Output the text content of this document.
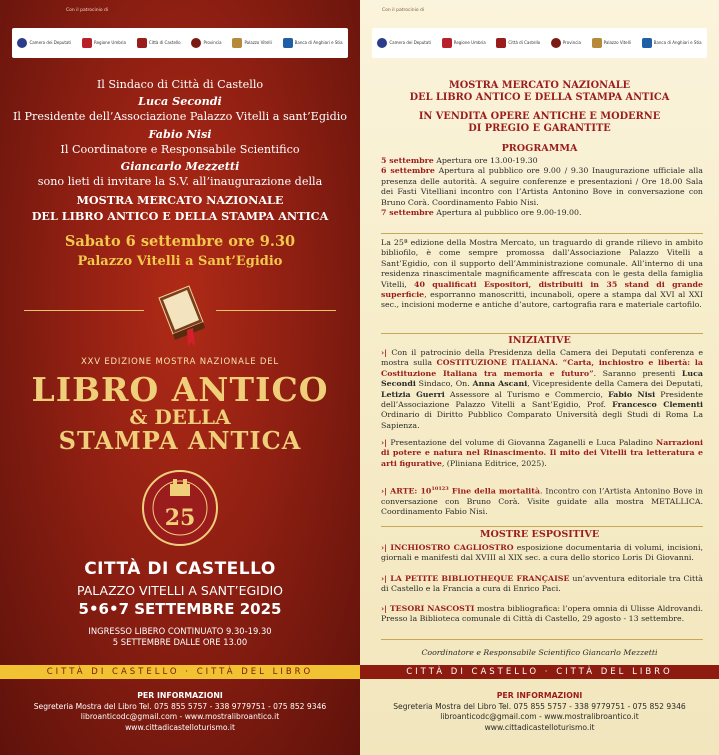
Con il patrocinio di
Camera dei Deputati	Regione Umbria	Città di Castello	Provincia	Palazzo Vitelli	Banca di Anghiari e Stia
Il Sindaco di Città di Castello
Luca Secondi
Il Presidente dell’Associazione Palazzo Vitelli a sant’Egidio
Fabio Nisi
Il Coordinatore e Responsabile Scientifico
Giancarlo Mezzetti
sono lieti di invitare la S.V. all’inaugurazione della
MOSTRA MERCATO NAZIONALE
DEL LIBRO ANTICO E DELLA STAMPA ANTICA
Sabato 6 settembre ore 9.30
Palazzo Vitelli a Sant’Egidio
XXV EDIZIONE MOSTRA NAZIONALE DEL
LIBRO ANTICO
& DELLA
STAMPA ANTICA
25
CITTÀ DI CASTELLO
PALAZZO VITELLI A SANT’EGIDIO
5•6•7 SETTEMBRE 2025
INGRESSO LIBERO CONTINUATO 9.30-19.30
5 SETTEMBRE DALLE ORE 13.00
CITTÀ DI CASTELLO · CITTÀ DEL LIBRO
PER INFORMAZIONI
Segreteria Mostra del Libro Tel. 075 855 5757 - 338 9779751 - 075 852 9346
libroanticodc@gmail.com - www.mostralibroantico.it
www.cittadicastelloturismo.it
Con il patrocinio di
Camera dei Deputati	Regione Umbria	Città di Castello	Provincia	Palazzo Vitelli	Banca di Anghiari e Stia
MOSTRA MERCATO NAZIONALE
DEL LIBRO ANTICO E DELLA STAMPA ANTICA
IN VENDITA OPERE ANTICHE E MODERNE
DI PREGIO E GARANTITE
PROGRAMMA
5 settembre Apertura ore 13.00-19.30
6 settembre Apertura al pubblico ore 9.00 / 9.30 Inaugurazione ufficiale alla presenza delle autorità. A seguire conferenze e presentazioni / Ore 18.00 Sala dei Fasti Vitelliani incontro con l’Artista Antonino Bove in conversazione con Bruno Corà. Coordinamento Fabio Nisi.
7 settembre Apertura al pubblico ore 9.00-19.00.
La 25ª edizione della Mostra Mercato, un traguardo di grande rilievo in ambito bibliofilo, è come sempre promossa dall’Associazione Palazzo Vitelli a Sant’Egidio, con il supporto dell’Amministrazione comunale. All’interno di una residenza rinascimentale magnificamente affrescata con le gesta della famiglia Vitelli, 40 qualificati Espositori, distribuiti in 35 stand di grande superficie, esporranno manoscritti, incunaboli, opere a stampa dal XVI al XXI sec., incisioni moderne e antiche d’autore, cartografia rara e materiale cartofilo.
INIZIATIVE
›| Con il patrocinio della Presidenza della Camera dei Deputati conferenza e mostra sulla COSTITUZIONE ITALIANA. “Carta, inchiostro e libertà: la Costituzione Italiana tra memoria e futuro”. Saranno presenti Luca Secondi Sindaco, On. Anna Ascani, Vicepresidente della Camera dei Deputati, Letizia Guerri Assessore al Turismo e Commercio, Fabio Nisi Presidente dell’Associazione Palazzo Vitelli a Sant’Egidio, Prof. Francesco Clementi Ordinario di Diritto Pubblico Comparato Università degli Studi di Roma La Sapienza.
›| Presentazione del volume di Giovanna Zaganelli e Luca Paladino Narrazioni di potere e natura nel Rinascimento. Il mito dei Vitelli tra letteratura e arti figurative, (Pliniana Editrice, 2025).
›| ARTE: $10^{10123}$ Fine della mortalità. Incontro con l’Artista Antonino Bove in conversazione con Bruno Corà. Visite guidate alla mostra METALLICA. Coordinamento Fabio Nisi.
MOSTRE ESPOSITIVE
›| INCHIOSTRO CAGLIOSTRO esposizione documentaria di volumi, incisioni, giornali e manifesti dal XVIII al XIX sec. a cura dello storico Loris Di Giovanni.
›| LA PETITE BIBLIOTHEQUE FRANÇAISE un’avventura editoriale tra Città di Castello e la Francia a cura di Enrico Paci.
›| TESORI NASCOSTI mostra bibliografica: l’opera omnia di Ulisse Aldrovandi. Presso la Biblioteca comunale di Città di Castello, 29 agosto - 13 settembre.
Coordinatore e Responsabile Scientifico Giancarlo Mezzetti
CITTÀ DI CASTELLO · CITTÀ DEL LIBRO
PER INFORMAZIONI
Segreteria Mostra del Libro Tel. 075 855 5757 - 338 9779751 - 075 852 9346
libroanticodc@gmail.com - www.mostralibroantico.it
www.cittadicastelloturismo.it
